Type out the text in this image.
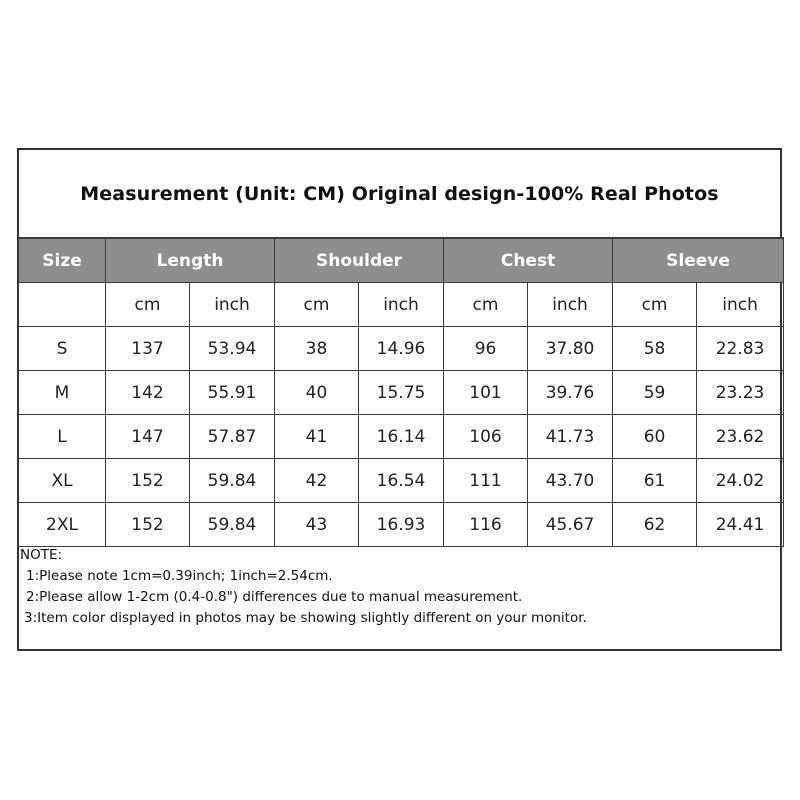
Measurement (Unit: CM) Original design-100% Real Photos
Size	Length		Shoulder		Chest		Sleeve	
	cm	inch	cm	inch	cm	inch	cm	inch
S	137	53.94	38	14.96	96	37.80	58	22.83
M	142	55.91	40	15.75	101	39.76	59	23.23
L	147	57.87	41	16.14	106	41.73	60	23.62
XL	152	59.84	42	16.54	111	43.70	61	24.02
2XL	152	59.84	43	16.93	116	45.67	62	24.41
NOTE:
1:Please note 1cm=0.39inch; 1inch=2.54cm.
2:Please allow 1-2cm (0.4-0.8") differences due to manual measurement.
3:Item color displayed in photos may be showing slightly different on your monitor.
